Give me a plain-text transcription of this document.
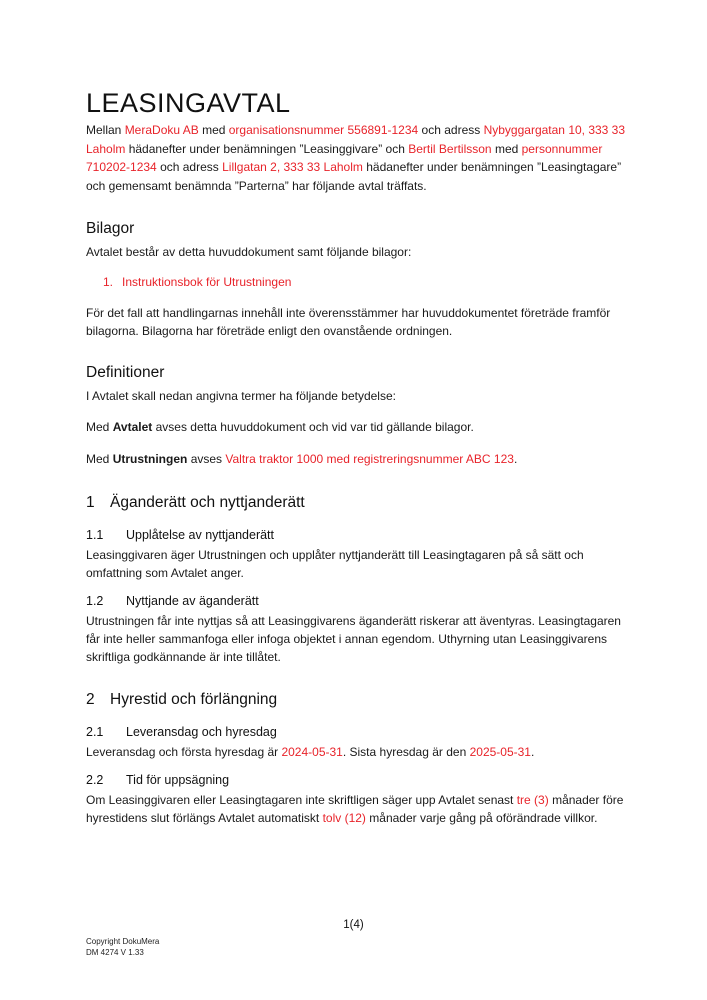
LEASINGAVTAL

Mellan MeraDoku AB med organisationsnummer 556891-1234 och adress Nybyggargatan 10, 333 33 Laholm hädanefter under benämningen ”Leasinggivare” och Bertil Bertilsson med personnummer 710202-1234 och adress Lillgatan 2, 333 33 Laholm hädanefter under benämningen ”Leasingtagare” och gemensamt benämnda ”Parterna” har följande avtal träffats.

Bilagor

Avtalet består av detta huvuddokument samt följande bilagor:

1. Instruktionsbok för Utrustningen

För det fall att handlingarnas innehåll inte överensstämmer har huvuddokumentet företräde framför bilagorna. Bilagorna har företräde enligt den ovanstående ordningen.

Definitioner

I Avtalet skall nedan angivna termer ha följande betydelse:

Med Avtalet avses detta huvuddokument och vid var tid gällande bilagor.

Med Utrustningen avses Valtra traktor 1000 med registreringsnummer ABC 123.

1 Äganderätt och nyttjanderätt
1.1 Upplåtelse av nyttjanderätt

Leasinggivaren äger Utrustningen och upplåter nyttjanderätt till Leasingtagaren på så sätt och omfattning som Avtalet anger.

1.2 Nyttjande av äganderätt

Utrustningen får inte nyttjas så att Leasinggivarens äganderätt riskerar att äventyras. Leasingtagaren får inte heller sammanfoga eller infoga objektet i annan egendom. Uthyrning utan Leasinggivarens skriftliga godkännande är inte tillåtet.

2 Hyrestid och förlängning
2.1 Leveransdag och hyresdag

Leveransdag och första hyresdag är 2024-05-31. Sista hyresdag är den 2025-05-31.

2.2 Tid för uppsägning

Om Leasinggivaren eller Leasingtagaren inte skriftligen säger upp Avtalet senast tre (3) månader före hyrestidens slut förlängs Avtalet automatiskt tolv (12) månader varje gång på oförändrade villkor.

1(4)
Copyright DokuMera
DM 4274 V 1.33
